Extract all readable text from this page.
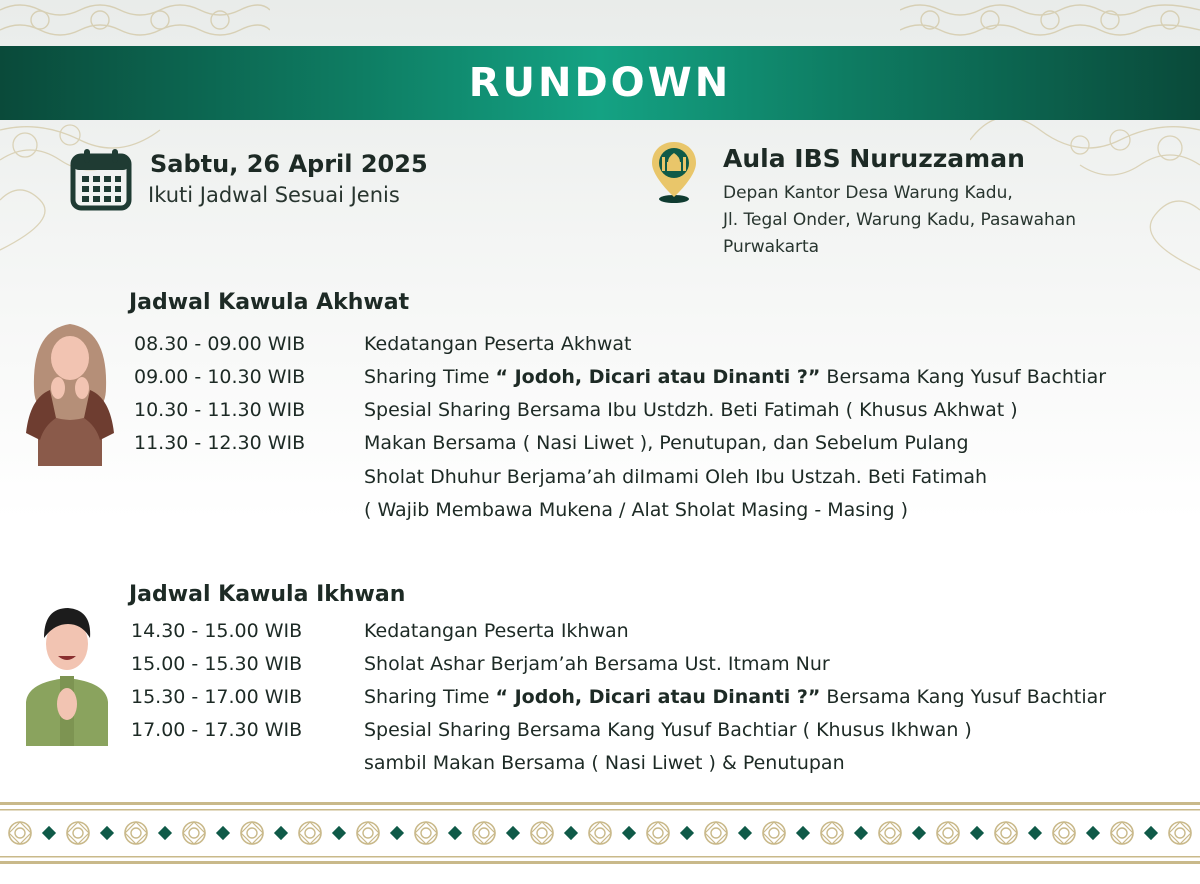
RUNDOWN
Sabtu, 26 April 2025
Ikuti Jadwal Sesuai Jenis
Aula IBS Nuruzzaman
Depan Kantor Desa Warung Kadu,
Jl. Tegal Onder, Warung Kadu, Pasawahan
Purwakarta
Jadwal Kawula Akhwat
08.30 - 09.00 WIB	Kedatangan Peserta Akhwat
09.00 - 10.30 WIB	Sharing Time “ Jodoh, Dicari atau Dinanti ?” Bersama Kang Yusuf Bachtiar
10.30 - 11.30 WIB	Spesial Sharing Bersama Ibu Ustdzh. Beti Fatimah ( Khusus Akhwat )
11.30 - 12.30 WIB	Makan Bersama ( Nasi Liwet ), Penutupan, dan Sebelum Pulang
Sholat Dhuhur Berjama’ah diImami Oleh Ibu Ustzah. Beti Fatimah
( Wajib Membawa Mukena / Alat Sholat Masing - Masing )
Jadwal Kawula Ikhwan
14.30 - 15.00 WIB	Kedatangan Peserta Ikhwan
15.00 - 15.30 WIB	Sholat Ashar Berjam’ah Bersama Ust. Itmam Nur
15.30 - 17.00 WIB	Sharing Time “ Jodoh, Dicari atau Dinanti ?” Bersama Kang Yusuf Bachtiar
17.00 - 17.30 WIB	Spesial Sharing Bersama Kang Yusuf Bachtiar ( Khusus Ikhwan )
sambil Makan Bersama ( Nasi Liwet ) & Penutupan
